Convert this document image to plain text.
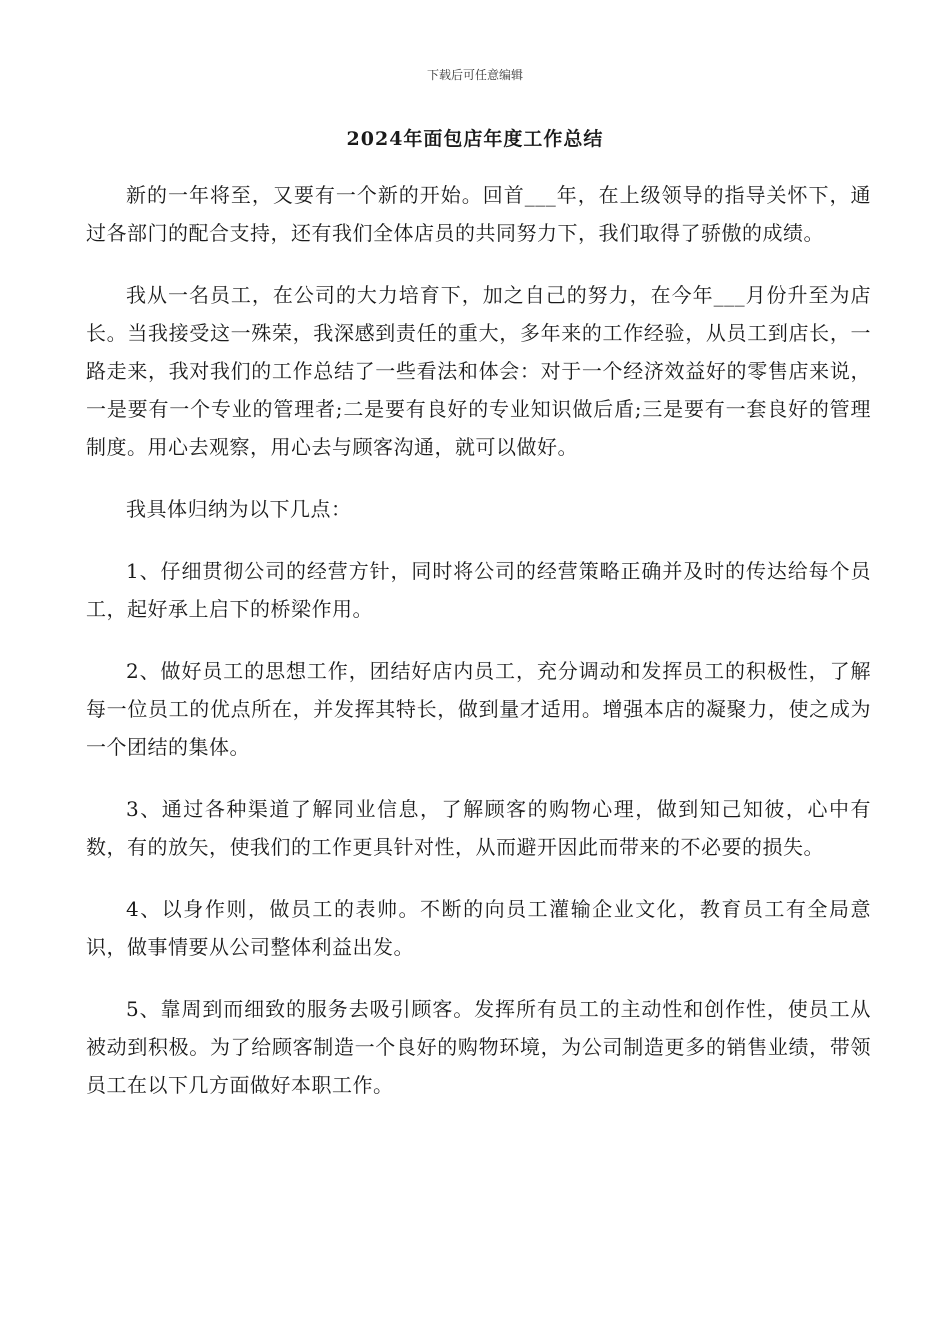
下载后可任意编辑
2024年面包店年度工作总结

新的一年将至，又要有一个新的开始。回首___年，在上级领导的指导关怀下，通过各部门的配合支持，还有我们全体店员的共同努力下，我们取得了骄傲的成绩。

我从一名员工，在公司的大力培育下，加之自己的努力，在今年___月份升至为店长。当我接受这一殊荣，我深感到责任的重大，多年来的工作经验，从员工到店长，一路走来，我对我们的工作总结了一些看法和体会：对于一个经济效益好的零售店来说，一是要有一个专业的管理者;二是要有良好的专业知识做后盾;三是要有一套良好的管理制度。用心去观察，用心去与顾客沟通，就可以做好。

我具体归纳为以下几点：

1、仔细贯彻公司的经营方针，同时将公司的经营策略正确并及时的传达给每个员工，起好承上启下的桥梁作用。

2、做好员工的思想工作，团结好店内员工，充分调动和发挥员工的积极性，了解每一位员工的优点所在，并发挥其特长，做到量才适用。增强本店的凝聚力，使之成为一个团结的集体。

3、通过各种渠道了解同业信息，了解顾客的购物心理，做到知己知彼，心中有数，有的放矢，使我们的工作更具针对性，从而避开因此而带来的不必要的损失。

4、以身作则，做员工的表帅。不断的向员工灌输企业文化，教育员工有全局意识，做事情要从公司整体利益出发。

5、靠周到而细致的服务去吸引顾客。发挥所有员工的主动性和创作性，使员工从被动到积极。为了给顾客制造一个良好的购物环境，为公司制造更多的销售业绩，带领员工在以下几方面做好本职工作。
